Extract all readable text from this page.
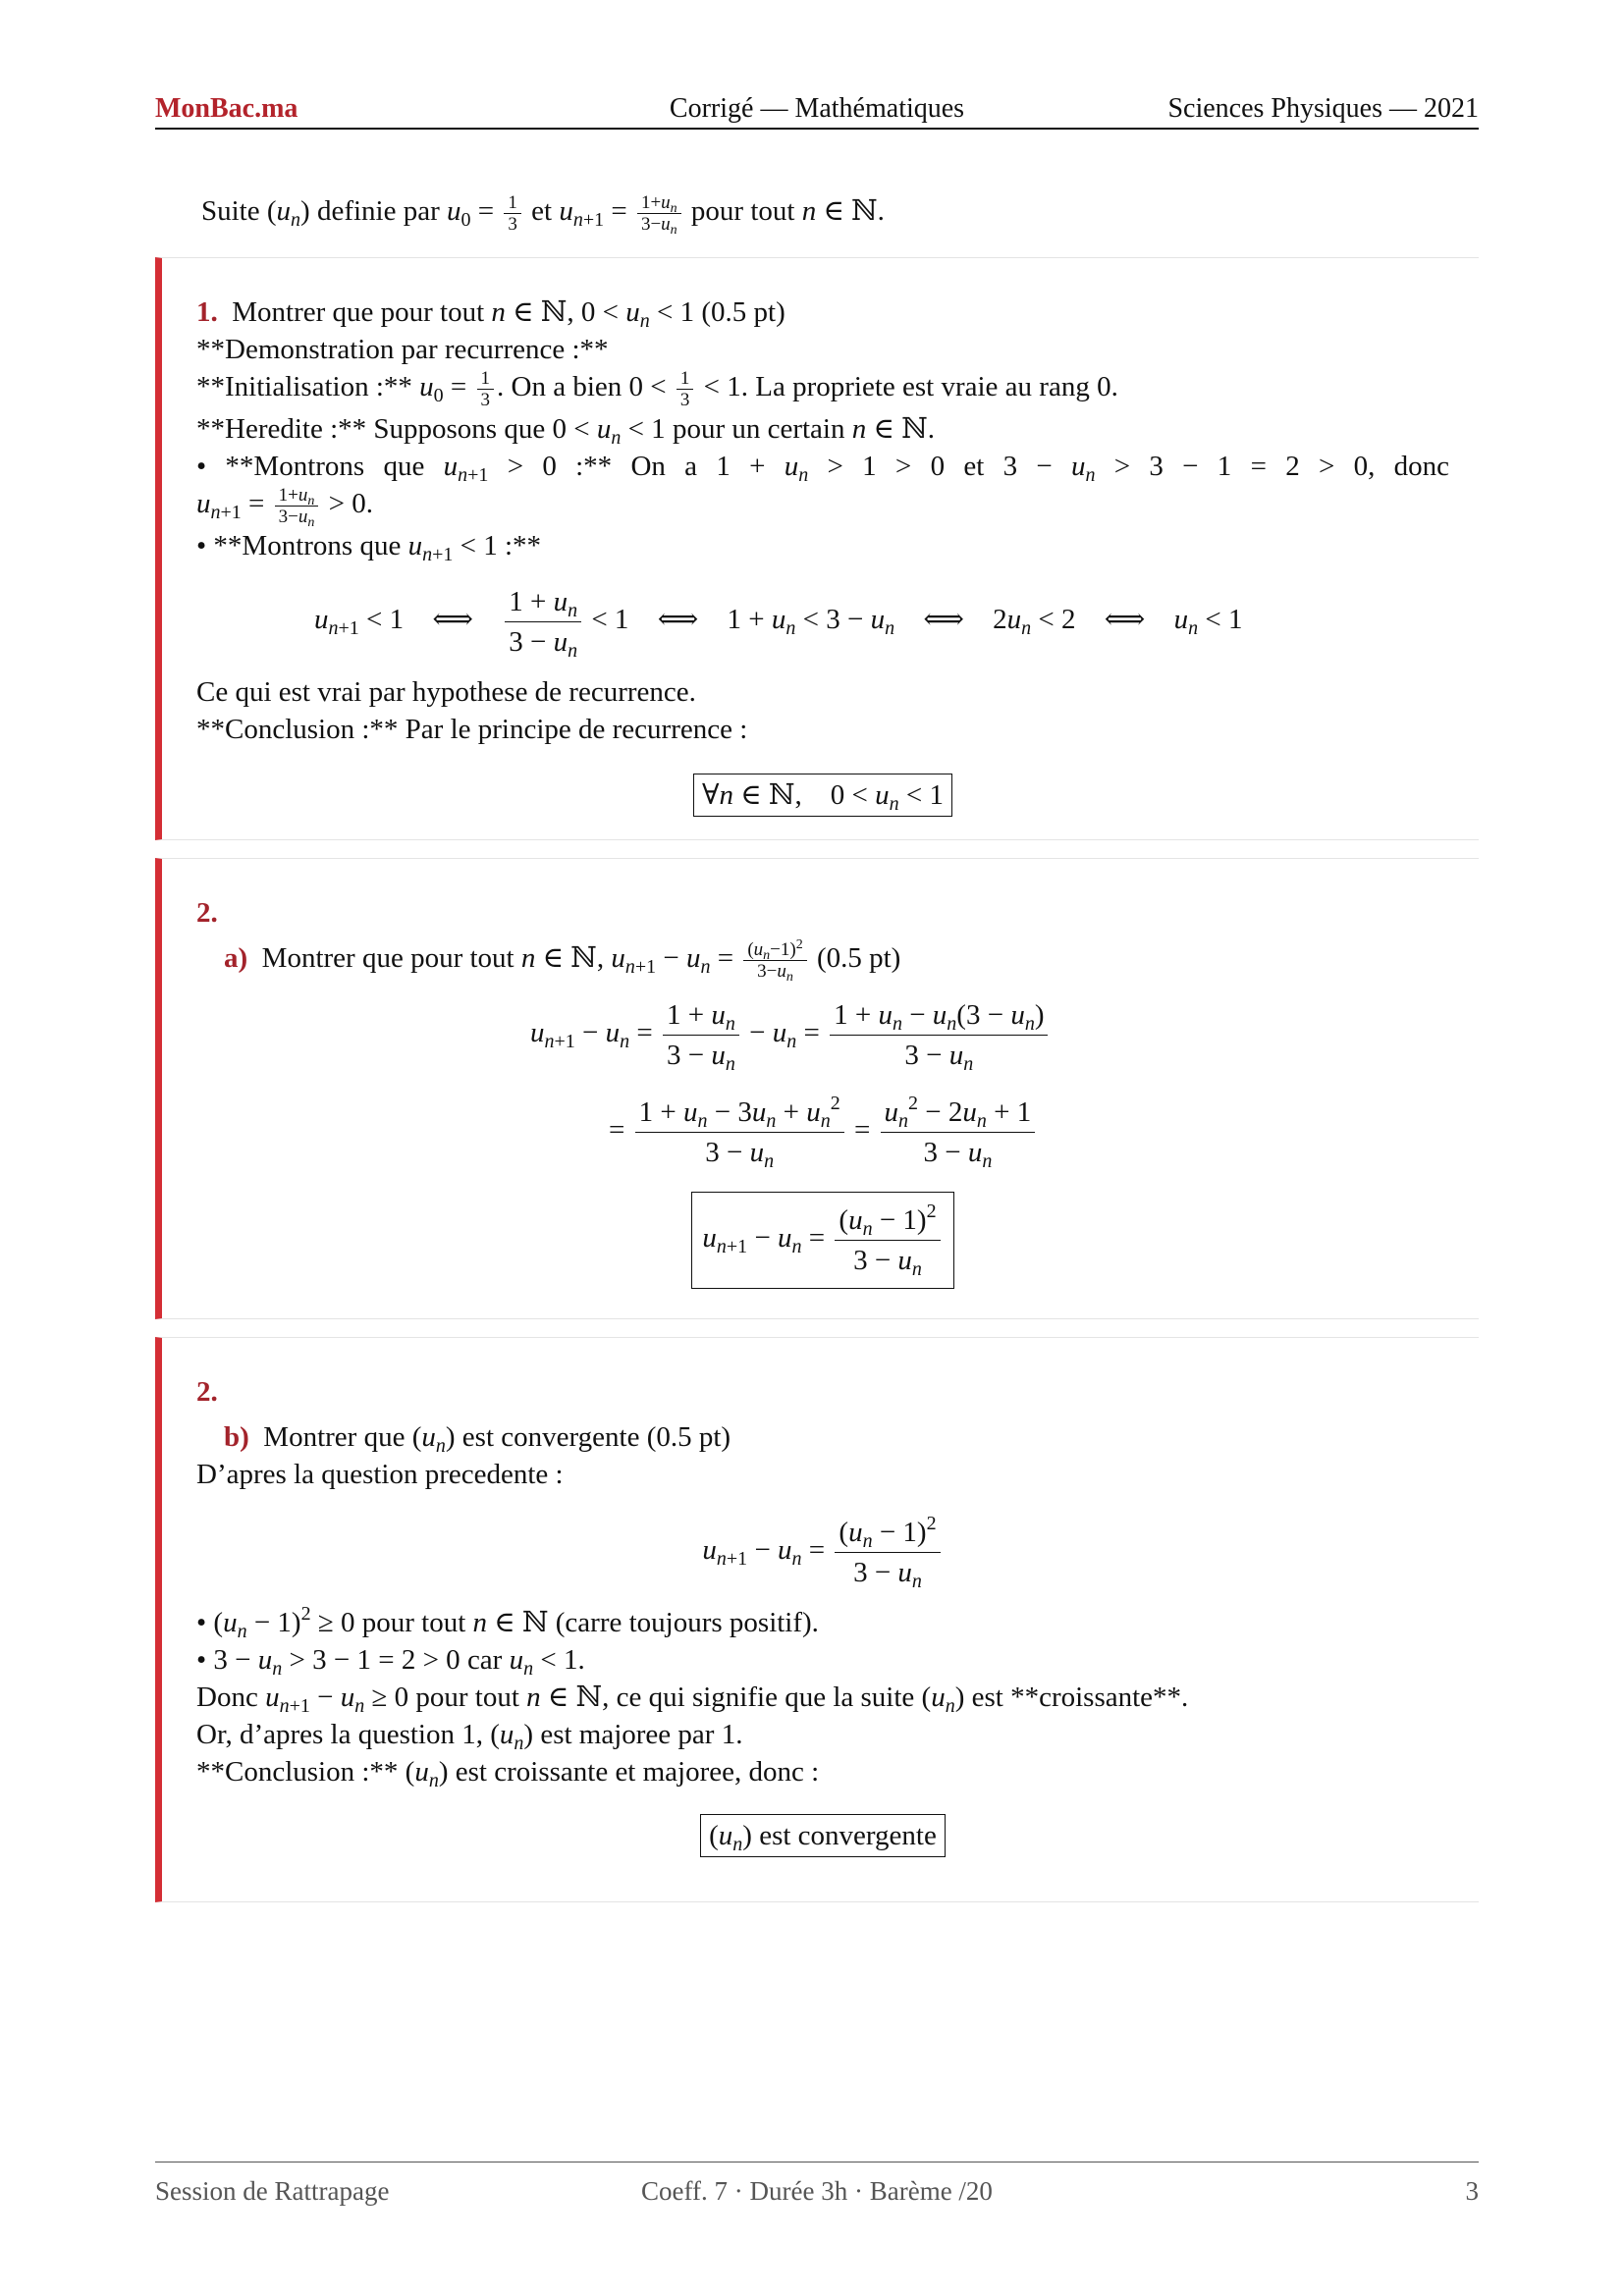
MonBac.ma	Corrigé — Mathématiques	Sciences Physiques — 2021
Suite $(u_n)$ definie par $u_0 = \frac{1}{3}$ et $u_{n+1} = \frac{1+u_n}{3-u_n}$ pour tout n ∈ ℕ.
1. Montrer que pour tout n ∈ ℕ, $0 < u_n < 1$ (0.5 pt)
**Demonstration par recurrence :**
**Initialisation :** $u_0 = \frac{1}{3}$ . On a bien $0 < \frac{1}{3} < 1$. La propriete est vraie au rang 0.
**Heredite :** Supposons que $0 < u_n < 1$ pour un certain n ∈ ℕ.
• **Montrons que $u_{n+1} > 0$ :** On a $1 + u_n > 1 > 0$ et $3 - u_n > 3 - 1 = 2 > 0$, donc
$u_{n+1} = \frac{1+u_n}{3-u_n} > 0$.
• **Montrons que $u_{n+1} < 1$ :**
$u_{n+1} < 1$ ⟺ $\frac{1 + u_n}{3 - u_n} < 1$ ⟺ $1 + u_n < 3 - u_n$ ⟺ $2u_n < 2$ ⟺ $u_n < 1$
Ce qui est vrai par hypothese de recurrence.
**Conclusion :** Par le principe de recurrence :
∀n ∈ ℕ,    $0 < u_n < 1$
2.
a) Montrer que pour tout n ∈ ℕ, $u_{n+1} - u_n = \frac{(u_n-1)^2}{3-u_n} (0.5$ pt)
$u_{n+1} - u_n = \frac{1 + u_n}{3 - u_n} - u_n = \frac{1 + u_n - u_n(3 - u_n)}{3 - u_n}$
= $\frac{1 + u_n - 3u_n + u_n^2}{3 - u_n} = \frac{u_n^2 - 2u_n + 1}{3 - u_n}$
$u_{n+1} - u_n = \frac{(u_n - 1)^2}{3 - u_n}$
2.
b) Montrer que $(u_n)$ est convergente (0.5 pt)
D’apres la question precedente :
$u_{n+1} - u_n = \frac{(u_n - 1)^2}{3 - u_n}$
• $(u_n - 1)^2 \ge 0$ pour tout n ∈ ℕ (carre toujours positif).
• $3 - u_n > 3 - 1 = 2 > 0$ car $u_n < 1$.
Donc $u_{n+1} - u_n \ge 0$ pour tout n ∈ ℕ, ce qui signifie que la suite $(u_n)$ est **croissante**.
Or, d’apres la question 1, $(u_n)$ est majoree par 1.
**Conclusion :** $(u_n)$ est croissante et majoree, donc :
$(u_n)$ est convergente
Session de Rattrapage	Coeff. 7 · Durée 3h · Barème /20	3
